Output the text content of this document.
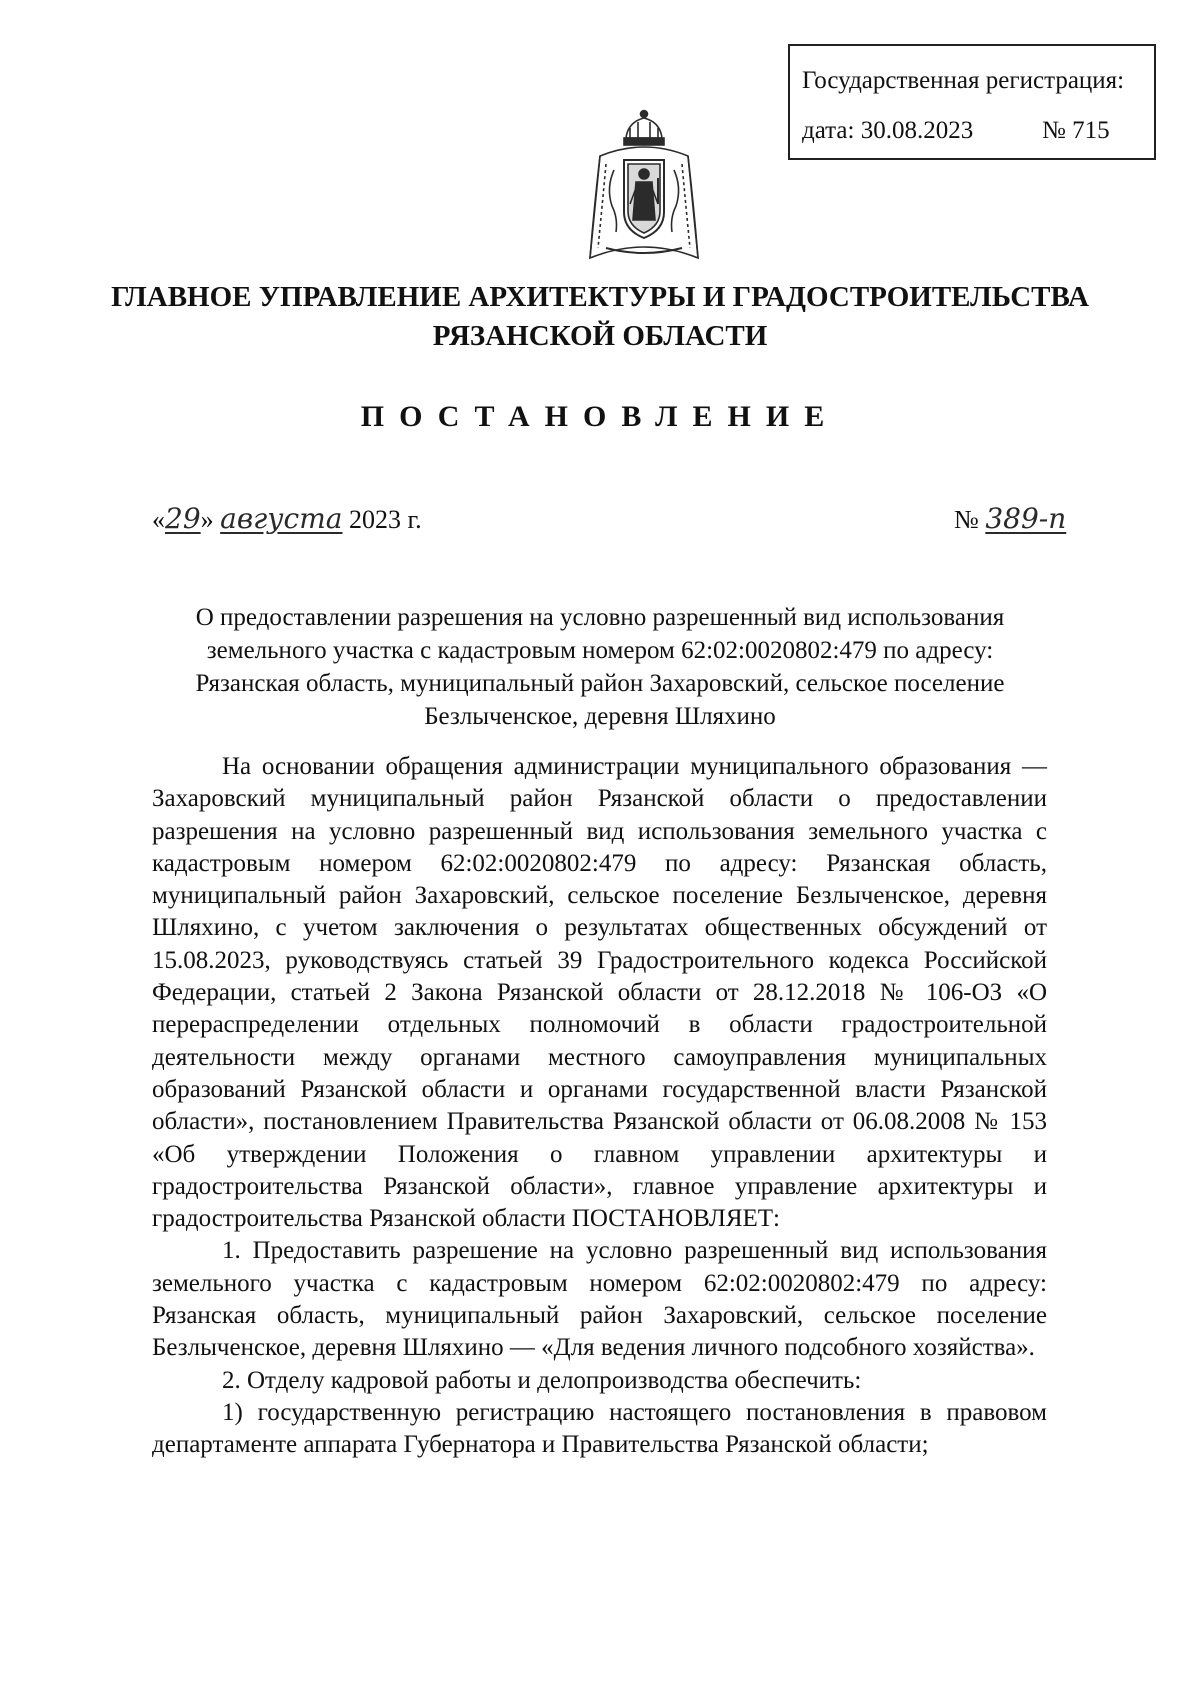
Государственная регистрация:
дата: 30.08.2023	№ 715
ГЛАВНОЕ УПРАВЛЕНИЕ АРХИТЕКТУРЫ И ГРАДОСТРОИТЕЛЬСТВА
РЯЗАНСКОЙ ОБЛАСТИ
ПОСТАНОВЛЕНИЕ
«29» августа 2023 г.	№ 389-п
О предоставлении разрешения на условно разрешенный вид использования
земельного участка с кадастровым номером 62:02:0020802:479 по адресу:
Рязанская область, муниципальный район Захаровский, сельское поселение
Безлыченское, деревня Шляхино

На основании обращения администрации муниципального образования — Захаровский муниципальный район Рязанской области о предоставлении разрешения на условно разрешенный вид использования земельного участка с кадастровым номером 62:02:0020802:479 по адресу: Рязанская область, муниципальный район Захаровский, сельское поселение Безлыченское, деревня Шляхино, с учетом заключения о результатах общественных обсуждений от 15.08.2023, руководствуясь статьей 39 Градостроительного кодекса Российской Федерации, статьей 2 Закона Рязанской области от 28.12.2018 № 106-ОЗ «О перераспределении отдельных полномочий в области градостроительной деятельности между органами местного самоуправления муниципальных образований Рязанской области и органами государственной власти Рязанской области», постановлением Правительства Рязанской области от 06.08.2008 № 153 «Об утверждении Положения о главном управлении архитектуры и градостроительства Рязанской области», главное управление архитектуры и градостроительства Рязанской области ПОСТАНОВЛЯЕТ:

1. Предоставить разрешение на условно разрешенный вид использования земельного участка с кадастровым номером 62:02:0020802:479 по адресу: Рязанская область, муниципальный район Захаровский, сельское поселение Безлыченское, деревня Шляхино — «Для ведения личного подсобного хозяйства».

2. Отделу кадровой работы и делопроизводства обеспечить:

1) государственную регистрацию настоящего постановления в правовом департаменте аппарата Губернатора и Правительства Рязанской области;
